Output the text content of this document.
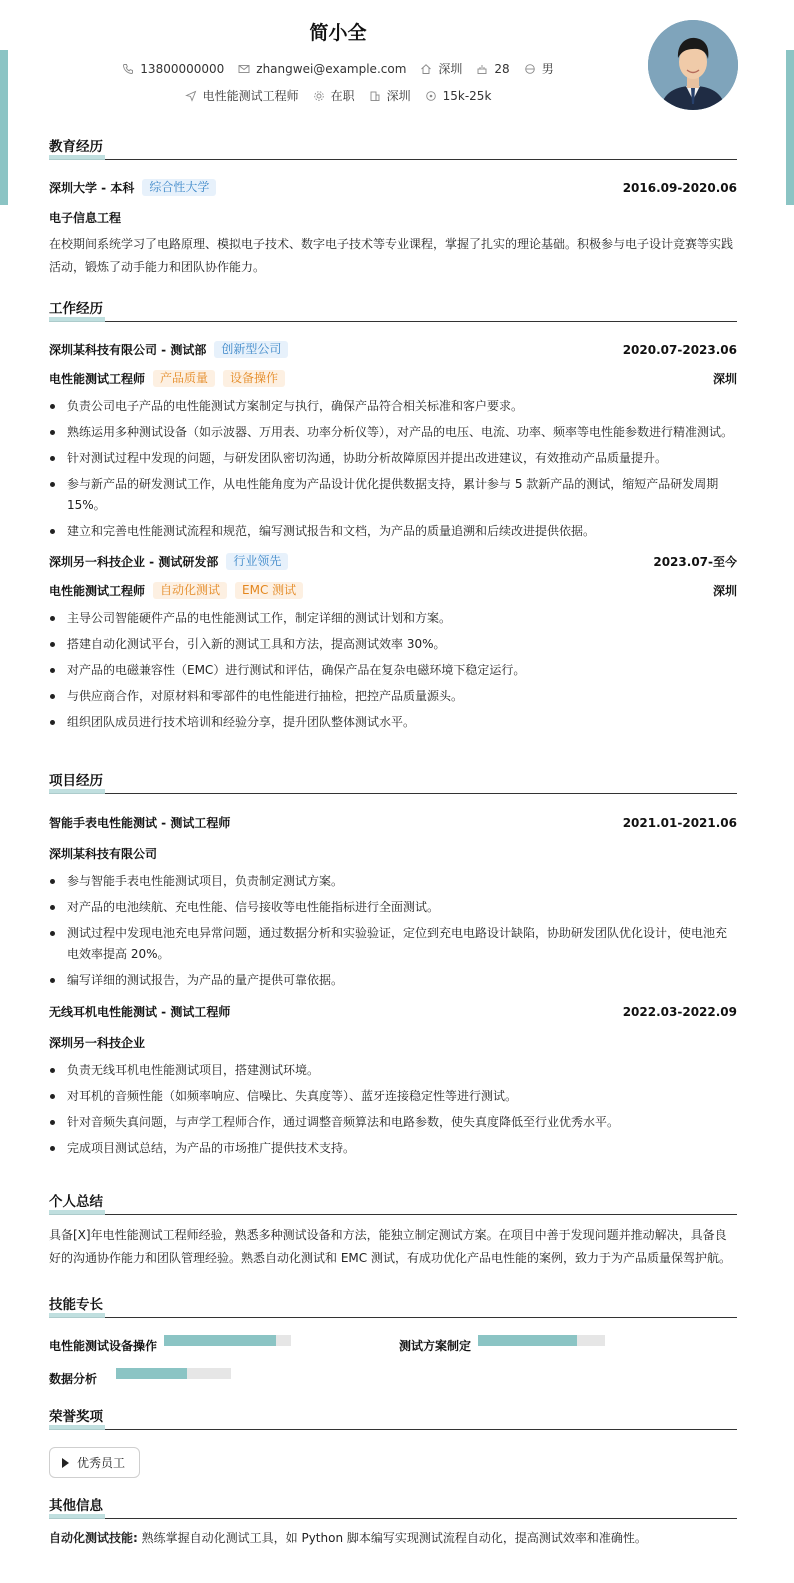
简小全
13800000000	zhangwei@example.com	深圳	28	男
电性能测试工程师	在职	深圳	15k-25k
教育经历
深圳大学 - 本科	综合性大学	2016.09-2020.06
电子信息工程
在校期间系统学习了电路原理、模拟电子技术、数字电子技术等专业课程，掌握了扎实的理论基础。积极参与电子设计竞赛等实践活动，锻炼了动手能力和团队协作能力。
工作经历
深圳某科技有限公司 - 测试部	创新型公司	2020.07-2023.06
电性能测试工程师	产品质量	设备操作	深圳
负责公司电子产品的电性能测试方案制定与执行，确保产品符合相关标准和客户要求。
熟练运用多种测试设备（如示波器、万用表、功率分析仪等），对产品的电压、电流、功率、频率等电性能参数进行精准测试。
针对测试过程中发现的问题，与研发团队密切沟通，协助分析故障原因并提出改进建议，有效推动产品质量提升。
参与新产品的研发测试工作，从电性能角度为产品设计优化提供数据支持，累计参与 5 款新产品的测试，缩短产品研发周期 15%。
建立和完善电性能测试流程和规范，编写测试报告和文档，为产品的质量追溯和后续改进提供依据。
深圳另一科技企业 - 测试研发部	行业领先	2023.07-至今
电性能测试工程师	自动化测试	EMC 测试	深圳
主导公司智能硬件产品的电性能测试工作，制定详细的测试计划和方案。
搭建自动化测试平台，引入新的测试工具和方法，提高测试效率 30%。
对产品的电磁兼容性（EMC）进行测试和评估，确保产品在复杂电磁环境下稳定运行。
与供应商合作，对原材料和零部件的电性能进行抽检，把控产品质量源头。
组织团队成员进行技术培训和经验分享，提升团队整体测试水平。
项目经历
智能手表电性能测试 - 测试工程师	2021.01-2021.06
深圳某科技有限公司
参与智能手表电性能测试项目，负责制定测试方案。
对产品的电池续航、充电性能、信号接收等电性能指标进行全面测试。
测试过程中发现电池充电异常问题，通过数据分析和实验验证，定位到充电电路设计缺陷，协助研发团队优化设计，使电池充电效率提高 20%。
编写详细的测试报告，为产品的量产提供可靠依据。
无线耳机电性能测试 - 测试工程师	2022.03-2022.09
深圳另一科技企业
负责无线耳机电性能测试项目，搭建测试环境。
对耳机的音频性能（如频率响应、信噪比、失真度等）、蓝牙连接稳定性等进行测试。
针对音频失真问题，与声学工程师合作，通过调整音频算法和电路参数，使失真度降低至行业优秀水平。
完成项目测试总结，为产品的市场推广提供技术支持。
个人总结
具备[X]年电性能测试工程师经验，熟悉多种测试设备和方法，能独立制定测试方案。在项目中善于发现问题并推动解决，具备良好的沟通协作能力和团队管理经验。熟悉自动化测试和 EMC 测试，有成功优化产品电性能的案例，致力于为产品质量保驾护航。
技能专长
电性能测试设备操作	测试方案制定
数据分析
荣誉奖项
优秀员工
其他信息
自动化测试技能: 熟练掌握自动化测试工具，如 Python 脚本编写实现测试流程自动化，提高测试效率和准确性。
